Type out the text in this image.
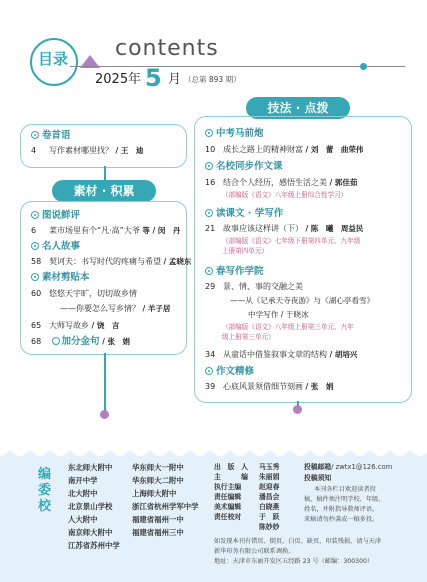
目录 contents
2025 年 5 月 （总第 893 期）
卷首语
4 写作素材哪里找？ / 王　迪
素材 · 积累
图说鲜评
6 菜市场里有个“凡·高”大爷 等 / 闵　丹
名人故事
58 契诃夫：书写时代的疼痛与希望 / 孟晓东
素材剪贴本
60 悠悠天宇旷，切切故乡情
——你要怎么写乡情？ / 羊子居
65 大师写故乡 / 饶　言
68 加分金句 / 张　娟
技法 · 点拨
中考马前炮
10 成长之路上的精神财富 / 刘　蕾　曲荣伟
名校同步作文课
16 结合个人经历，感悟生活之美 / 郭佳茹
（部编版《语文》八年级上册综合性学习）
读课文 · 学写作
21 故事应该这样讲（下） / 陈　曦　周益民
（部编版《语文》七年级下册第四单元、九年级
上册第四单元）
春写作学院
29 景、情、事的交融之美
——从《记承天寺夜游》与《湖心亭看雪》
中学写作 / 于晓冰
（部编版《语文》八年级上册第三单元、九年
级上册第三单元）
34 从童话中借鉴叙事文章的结构 / 胡培兴
作文精修
39 心底风景须借细节刻画 / 张　娟
编
委
校
东北师大附中
南开中学
北大附中
北京景山学校
人大附中
南京师大附中
江苏省苏州中学
华东师大一附中
华东师大二附中
上海师大附中
浙江省杭州学军中学
福建省福州一中
福建省福州三中
出　版　人
主　　　编
执行主编
责任编辑
美术编辑
责任校对
马玉秀
朱丽娟
赵迎春
潘昌会
白晓燕
于　跃
陈妙妙
投稿邮箱/ zwtx1@126.com
投稿须知
本刊各栏目欢迎读者投
稿，稿件须注明学校、年级、
姓名，并附指导教师评语。
来稿请勿抄袭或一稿多投。
如发现本刊有错页、倒页、白页、缺页、印装残损，请与天津
新华印务有限公司联系调换。
地址：天津市东丽开发区五经路 23 号（邮编：300300）
